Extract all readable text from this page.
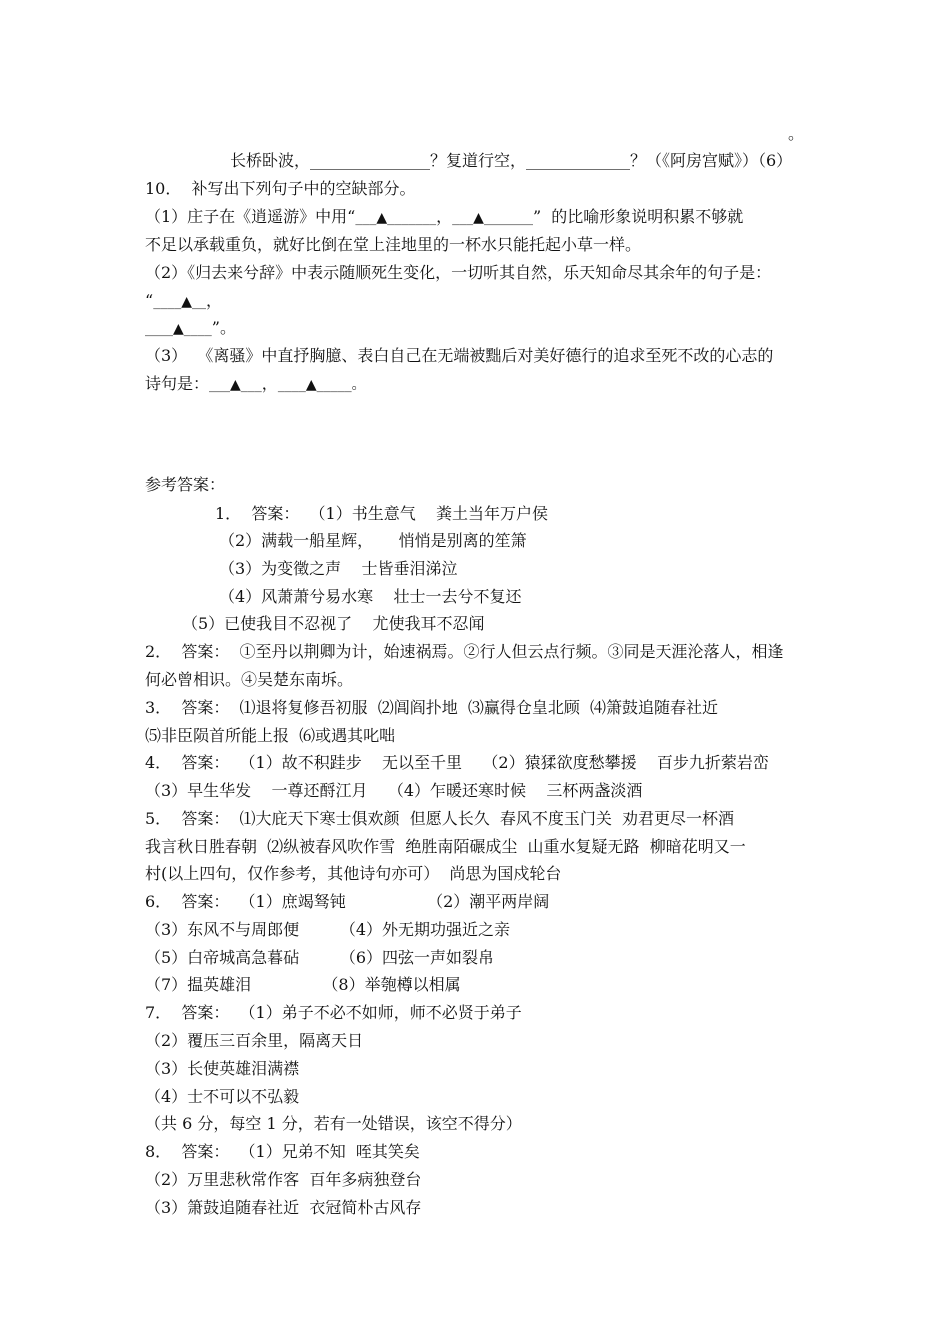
。
长桥卧波，_______________？复道行空，_____________？（《阿房宫赋》）（6）
10．  补写出下列句子中的空缺部分。
（1）庄子在《逍遥游》中用“___▲_______，___▲_______”  的比喻形象说明积累不够就
不足以承载重负，就好比倒在堂上洼地里的一杯水只能托起小草一样。
（2）《归去来兮辞》中表示随顺死生变化，一切听其自然，乐天知命尽其余年的句子是：
“____▲__，
____▲____”。
（3）  《离骚》中直抒胸臆、表白自己在无端被黜后对美好德行的追求至死不改的心志的
诗句是：___▲___，____▲_____。
参考答案：
1．  答案：  （1）书生意气    粪土当年万户侯
（2）满载一船星辉，     悄悄是别离的笙箫
（3）为变徵之声    士皆垂泪涕泣
（4）风萧萧兮易水寒    壮士一去兮不复还
（5）已使我目不忍视了    尤使我耳不忍闻
2．  答案：  ①至丹以荆卿为计，始速祸焉。②行人但云点行频。③同是天涯沦落人，相逢
何必曾相识。④吴楚东南坼。
3．  答案：  ⑴退将复修吾初服  ⑵阊阎扑地  ⑶赢得仓皇北顾  ⑷箫鼓追随春社近
⑸非臣陨首所能上报  ⑹或遇其叱咄
4．  答案：  （1）故不积跬步    无以至千里    （2）猿猱欲度愁攀援    百步九折萦岩峦
（3）早生华发    一尊还酹江月    （4）乍暖还寒时候    三杯两盏淡酒
5．  答案：  ⑴大庇天下寒士俱欢颜  但愿人长久  春风不度玉门关  劝君更尽一杯酒
我言秋日胜春朝  ⑵纵被春风吹作雪  绝胜南陌碾成尘  山重水复疑无路  柳暗花明又一
村(以上四句，仅作参考，其他诗句亦可）  尚思为国戍轮台
6．  答案：  （1）庶竭驽钝                （2）潮平两岸阔
（3）东风不与周郎便        （4）外无期功强近之亲
（5）白帝城高急暮砧        （6）四弦一声如裂帛
（7）揾英雄泪              （8）举匏樽以相属
7．  答案：  （1）弟子不必不如师，师不必贤于弟子
（2）覆压三百余里，隔离天日
（3）长使英雄泪满襟
（4）士不可以不弘毅
（共 6 分，每空 1 分，若有一处错误，该空不得分）
8．  答案：  （1）兄弟不知  咥其笑矣
（2）万里悲秋常作客  百年多病独登台
（3）箫鼓追随春社近  衣冠简朴古风存
